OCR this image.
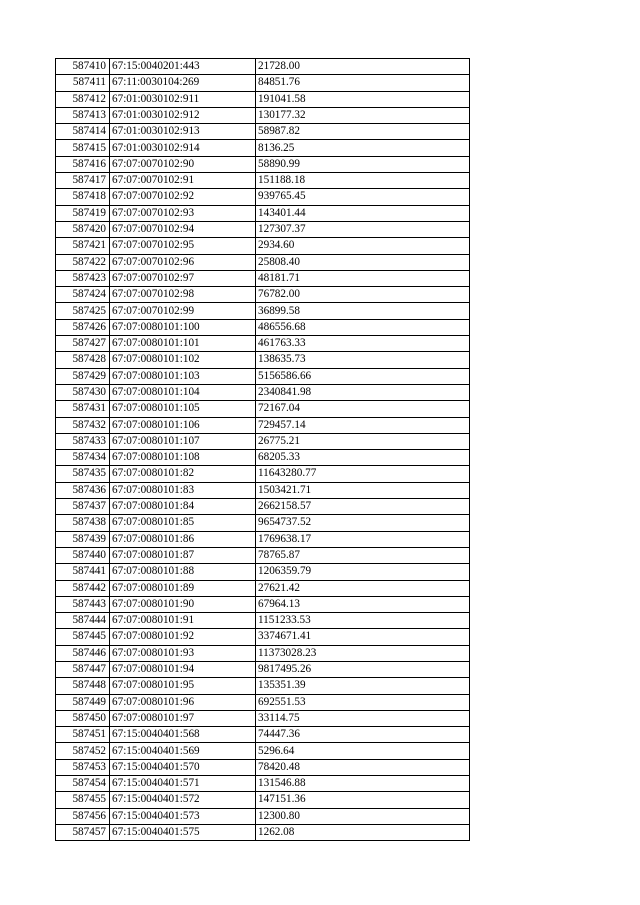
587410	67:15:0040201:443	21728.00
587411	67:11:0030104:269	84851.76
587412	67:01:0030102:911	191041.58
587413	67:01:0030102:912	130177.32
587414	67:01:0030102:913	58987.82
587415	67:01:0030102:914	8136.25
587416	67:07:0070102:90	58890.99
587417	67:07:0070102:91	151188.18
587418	67:07:0070102:92	939765.45
587419	67:07:0070102:93	143401.44
587420	67:07:0070102:94	127307.37
587421	67:07:0070102:95	2934.60
587422	67:07:0070102:96	25808.40
587423	67:07:0070102:97	48181.71
587424	67:07:0070102:98	76782.00
587425	67:07:0070102:99	36899.58
587426	67:07:0080101:100	486556.68
587427	67:07:0080101:101	461763.33
587428	67:07:0080101:102	138635.73
587429	67:07:0080101:103	5156586.66
587430	67:07:0080101:104	2340841.98
587431	67:07:0080101:105	72167.04
587432	67:07:0080101:106	729457.14
587433	67:07:0080101:107	26775.21
587434	67:07:0080101:108	68205.33
587435	67:07:0080101:82	11643280.77
587436	67:07:0080101:83	1503421.71
587437	67:07:0080101:84	2662158.57
587438	67:07:0080101:85	9654737.52
587439	67:07:0080101:86	1769638.17
587440	67:07:0080101:87	78765.87
587441	67:07:0080101:88	1206359.79
587442	67:07:0080101:89	27621.42
587443	67:07:0080101:90	67964.13
587444	67:07:0080101:91	1151233.53
587445	67:07:0080101:92	3374671.41
587446	67:07:0080101:93	11373028.23
587447	67:07:0080101:94	9817495.26
587448	67:07:0080101:95	135351.39
587449	67:07:0080101:96	692551.53
587450	67:07:0080101:97	33114.75
587451	67:15:0040401:568	74447.36
587452	67:15:0040401:569	5296.64
587453	67:15:0040401:570	78420.48
587454	67:15:0040401:571	131546.88
587455	67:15:0040401:572	147151.36
587456	67:15:0040401:573	12300.80
587457	67:15:0040401:575	1262.08
